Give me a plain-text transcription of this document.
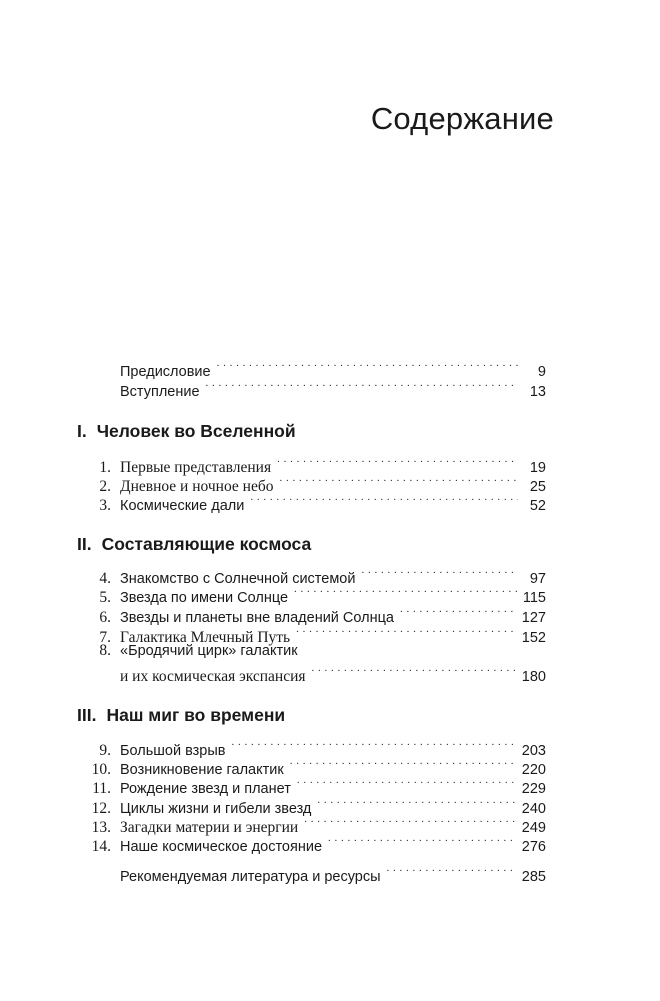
Содержание
Предисловие . . .	9
Вступление . . .	13
I. Человек во Вселенной
1. Первые представления . . .	19
2. Дневное и ночное небо . . .	25
3. Космические дали . . .	52
II. Составляющие космоса
4. Знакомство с Солнечной системой . . .	97
5. Звезда по имени Солнце . . .	115
6. Звезды и планеты вне владений Солнца . . .	127
7. Галактика Млечный Путь . . .	152
8. «Бродячий цирк» галактик
и их космическая экспансия . . .	180
III. Наш миг во времени
9. Большой взрыв . . .	203
10. Возникновение галактик . . .	220
11. Рождение звезд и планет . . .	229
12. Циклы жизни и гибели звезд . . .	240
13. Загадки материи и энергии . . .	249
14. Наше космическое достояние . . .	276
Рекомендуемая литература и ресурсы . . .	285
